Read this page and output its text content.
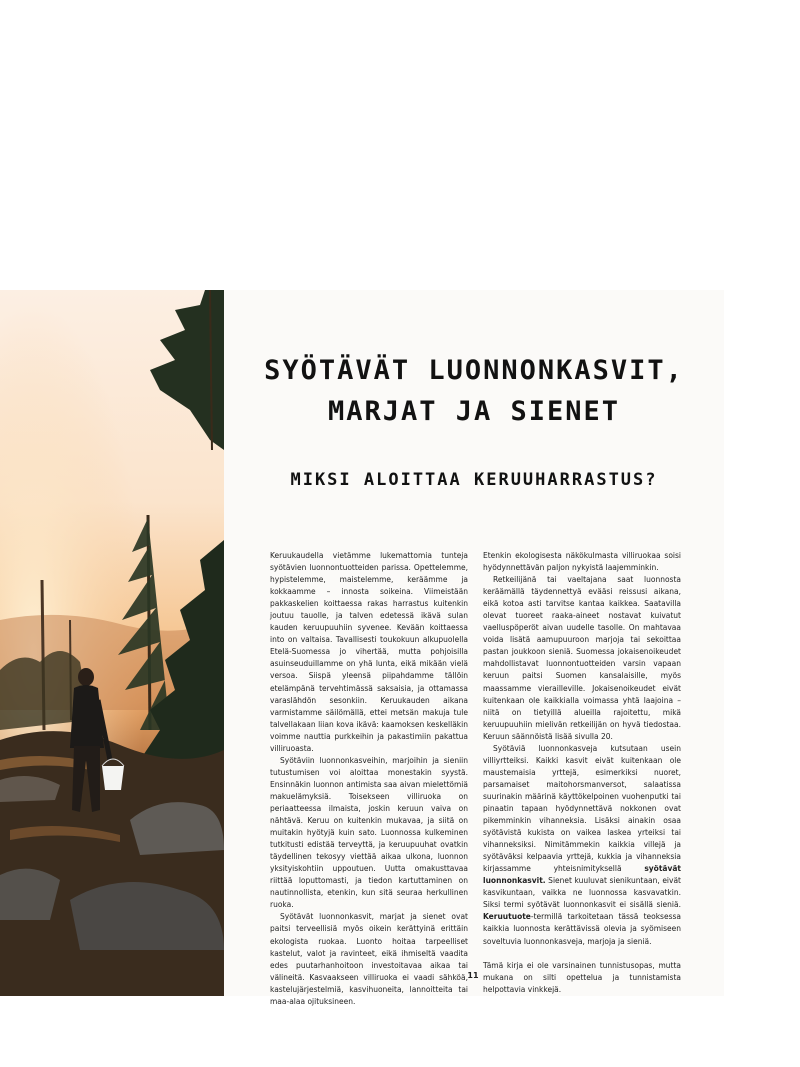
SYÖTÄVÄT LUONNONKASVIT,
MARJAT JA SIENET
MIKSI ALOITTAA KERUUHARRASTUS?

Keruukaudella vietämme lukemattomia tunteja syötävien luonnontuotteiden parissa. Opettelemme, hypistelemme, maistelemme, keräämme ja kokkaamme – innosta soikeina. Viimeistään pakkaskelien koittaessa rakas harrastus kuitenkin joutuu tauolle, ja talven edetessä ikävä sulan kauden keruupuuhiin syvenee. Kevään koittaessa into on valtaisa. Tavallisesti toukokuun alkupuolella Etelä-Suomessa jo vihertää, mutta pohjoisilla asuinseuduillamme on yhä lunta, eikä mikään vielä versoa. Siispä yleensä piipahdamme tällöin etelämpänä tervehtimässä saksaisia, ja ottamassa varaslähdön sesonkiin. Keruukauden aikana varmistamme säilömällä, ettei metsän makuja tule talvellakaan liian kova ikävä: kaamoksen keskelläkin voimme nauttia purkkeihin ja pakastimiin pakattua villiruoasta.

Syötäviin luonnonkasveihin, marjoihin ja sieniin tutustumisen voi aloittaa monestakin syystä. Ensinnäkin luonnon antimista saa aivan mielettömiä makuelämyksiä. Toisekseen villiruoka on periaatteessa ilmaista, joskin keruun vaiva on nähtävä. Keruu on kuitenkin mukavaa, ja siitä on muitakin hyötyjä kuin sato. Luonnossa kulkeminen tutkitusti edistää terveyttä, ja keruupuuhat ovatkin täydellinen tekosyy viettää aikaa ulkona, luonnon yksityiskohtiin uppoutuen. Uutta omakusttavaa riittää loputtomasti, ja tiedon kartuttaminen on nautinnollista, etenkin, kun sitä seuraa herkullinen ruoka.

Syötävät luonnonkasvit, marjat ja sienet ovat paitsi terveellisiä myös oikein kerättyinä erittäin ekologista ruokaa. Luonto hoitaa tarpeelliset kastelut, valot ja ravinteet, eikä ihmiseltä vaadita edes puutarhanhoitoon investoitavaa aikaa tai välineitä. Kasvaakseen villiruoka ei vaadi sähköä, kastelujärjestelmiä, kasvihuoneita, lannoitteita tai maa-alaa ojituksineen.

Etenkin ekologisesta näkökulmasta villiruokaa soisi hyödynnettävän paljon nykyistä laajemminkin.

Retkeilijänä tai vaeltajana saat luonnosta keräämällä täydennettyä evääsi reissusi aikana, eikä kotoa asti tarvitse kantaa kaikkea. Saatavilla olevat tuoreet raaka-aineet nostavat kuivatut vaelluspöperöt aivan uudelle tasolle. On mahtavaa voida lisätä aamupuuroon marjoja tai sekoittaa pastan joukkoon sieniä. Suomessa jokaisenoikeudet mahdollistavat luonnontuotteiden varsin vapaan keruun paitsi Suomen kansalaisille, myös maassamme vierailleville. Jokaisenoikeudet eivät kuitenkaan ole kaikkialla voimassa yhtä laajoina – niitä on tietyillä alueilla rajoitettu, mikä keruupuuhiin mielivän retkeilijän on hyvä tiedostaa. Keruun säännöistä lisää sivulla 20.

Syötäviä luonnonkasveja kutsutaan usein villiyrtteiksi. Kaikki kasvit eivät kuitenkaan ole maustemaisia yrttejä, esimerkiksi nuoret, parsamaiset maitohorsmanversot, salaatissa suurinakin määrinä käyttökelpoinen vuohenputki tai pinaatin tapaan hyödynnettävä nokkonen ovat pikemminkin vihanneksia. Lisäksi ainakin osaa syötävistä kukista on vaikea laskea yrteiksi tai vihanneksiksi. Nimitämmekin kaikkia villejä ja syötäväksi kelpaavia yrttejä, kukkia ja vihanneksia kirjassamme yhteisnimityksellä syötävät luonnonkasvit. Sienet kuuluvat sienikuntaan, eivät kasvikuntaan, vaikka ne luonnossa kasvavatkin. Siksi termi syötävät luonnonkasvit ei sisällä sieniä. Keruutuote-termillä tarkoitetaan tässä teoksessa kaikkia luonnosta kerättävissä olevia ja syömiseen soveltuvia luonnonkasveja, marjoja ja sieniä.

Tämä kirja ei ole varsinainen tunnistusopas, mutta mukana on silti opettelua ja tunnistamista helpottavia vinkkejä.

11
